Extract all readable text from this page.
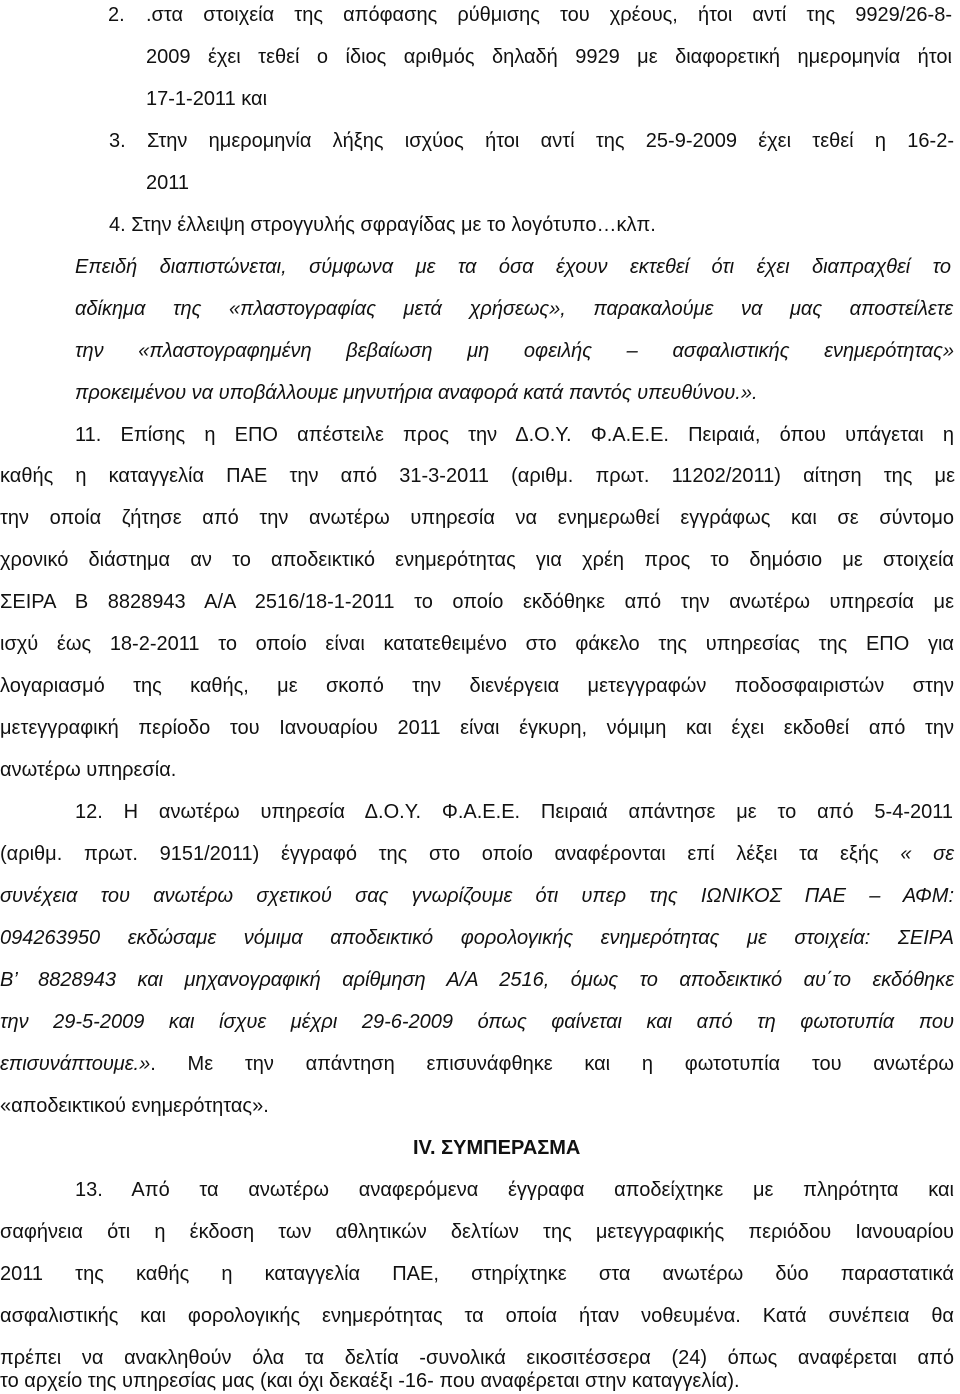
2. .στα στοιχεία της απόφασης ρύθμισης του χρέους, ήτοι αντί της 9929/26-8-
2009 έχει τεθεί ο ίδιος αριθμός δηλαδή 9929 με διαφορετική ημερομηνία ήτοι
17-1-2011 και
3. Στην ημερομηνία λήξης ισχύος ήτοι αντί της 25-9-2009 έχει τεθεί η 16-2-
2011
4. Στην έλλειψη στρογγυλής σφραγίδας με το λογότυπο…κλπ.
Επειδή διαπιστώνεται, σύμφωνα με τα όσα έχουν εκτεθεί ότι έχει διαπραχθεί το
αδίκημα της «πλαστογραφίας μετά χρήσεως», παρακαλούμε να μας αποστείλετε
την «πλαστογραφημένη βεβαίωση μη οφειλής – ασφαλιστικής ενημερότητας»
προκειμένου να υποβάλλουμε μηνυτήρια αναφορά κατά παντός υπευθύνου.».
11. Επίσης η ΕΠΟ απέστειλε προς την Δ.Ο.Υ. Φ.Α.Ε.Ε. Πειραιά, όπου υπάγεται η
καθής η καταγγελία ΠΑΕ την από 31-3-2011 (αριθμ. πρωτ. 11202/2011) αίτηση της με
την οποία ζήτησε από την ανωτέρω υπηρεσία να ενημερωθεί εγγράφως και σε σύντομο
χρονικό διάστημα αν το αποδεικτικό ενημερότητας για χρέη προς το δημόσιο με στοιχεία
ΣΕΙΡΑ Β 8828943 Α/Α 2516/18-1-2011 το οποίο εκδόθηκε από την ανωτέρω υπηρεσία με
ισχύ έως 18-2-2011 το οποίο είναι κατατεθειμένο στο φάκελο της υπηρεσίας της ΕΠΟ για
λογαριασμό της καθής, με σκοπό την διενέργεια μετεγγραφών ποδοσφαιριστών στην
μετεγγραφική περίοδο του Ιανουαρίου 2011 είναι έγκυρη, νόμιμη και έχει εκδοθεί από την
ανωτέρω υπηρεσία.
12. Η ανωτέρω υπηρεσία Δ.Ο.Υ. Φ.Α.Ε.Ε. Πειραιά απάντησε με το από 5-4-2011
(αριθμ. πρωτ. 9151/2011) έγγραφό της στο οποίο αναφέρονται επί λέξει τα εξής « σε
συνέχεια του ανωτέρω σχετικού σας γνωρίζουμε ότι υπερ της ΙΩΝΙΚΟΣ ΠΑΕ – ΑΦΜ:
094263950 εκδώσαμε νόμιμα αποδεικτικό φορολογικής ενημερότητας με στοιχεία: ΣΕΙΡΑ
Β’ 8828943 και μηχανογραφική αρίθμηση Α/Α 2516, όμως το αποδεικτικό αυ΄το εκδόθηκε
την 29-5-2009 και ίσχυε μέχρι 29-6-2009 όπως φαίνεται και από τη φωτοτυπία που
επισυνάπτουμε.». Με την απάντηση επισυνάφθηκε και η φωτοτυπία του ανωτέρω
«αποδεικτικού ενημερότητας».
IV. ΣΥΜΠΕΡΑΣΜΑ
13. Από τα ανωτέρω αναφερόμενα έγγραφα αποδείχτηκε με πληρότητα και
σαφήνεια ότι η έκδοση των αθλητικών δελτίων της μετεγγραφικής περιόδου Ιανουαρίου
2011 της καθής η καταγγελία ΠΑΕ, στηρίχτηκε στα ανωτέρω δύο παραστατικά
ασφαλιστικής και φορολογικής ενημερότητας τα οποία ήταν νοθευμένα. Κατά συνέπεια θα
πρέπει να ανακληθούν όλα τα δελτία -συνολικά εικοσιτέσσερα (24) όπως αναφέρεται από
το αρχείο της υπηρεσίας μας (και όχι δεκαέξι -16- που αναφέρεται στην καταγγελία).
